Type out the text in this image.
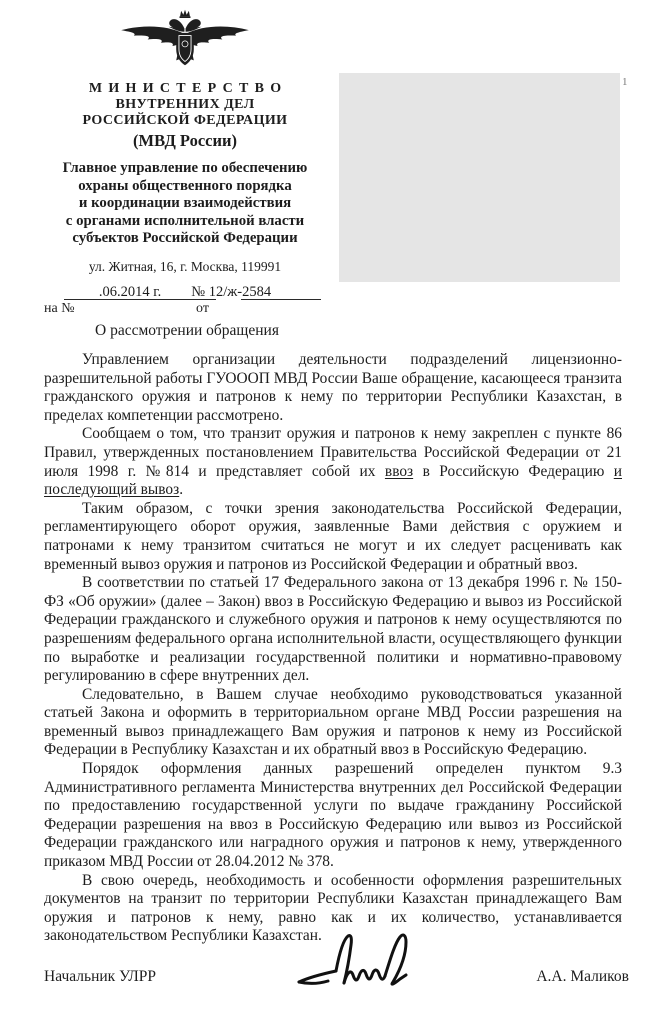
МИНИСТЕРСТВО
ВНУТРЕННИХ ДЕЛ
РОССИЙСКОЙ ФЕДЕРАЦИИ
(МВД России)
Главное управление по обеспечению
охраны общественного порядка
и координации взаимодействия
с органами исполнительной власти
субъектов Российской Федерации
ул. Житная, 16, г. Москва, 119991
.06.2014 г. № 12/ж-2584
на №	от
О рассмотрении обращения
1

Управлением организации деятельности подразделений лицензионно-разрешительной работы ГУОООП МВД России Ваше обращение, касающееся транзита гражданского оружия и патронов к нему по территории Республики Казахстан, в пределах компетенции рассмотрено.

Сообщаем о том, что транзит оружия и патронов к нему закреплен с пункте 86 Правил, утвержденных постановлением Правительства Российской Федерации от 21 июля 1998 г. №814 и представляет собой их ввоз в Российскую Федерацию и последующий вывоз.

Таким образом, с точки зрения законодательства Российской Федерации, регламентирующего оборот оружия, заявленные Вами действия с оружием и патронами к нему транзитом считаться не могут и их следует расценивать как временный вывоз оружия и патронов из Российской Федерации и обратный ввоз.

В соответствии по статьей 17 Федерального закона от 13 декабря 1996 г. № 150-ФЗ «Об оружии» (далее – Закон) ввоз в Российскую Федерацию и вывоз из Российской Федерации гражданского и служебного оружия и патронов к нему осуществляются по разрешениям федерального органа исполнительной власти, осуществляющего функции по выработке и реализации государственной политики и нормативно-правовому регулированию в сфере внутренних дел.

Следовательно, в Вашем случае необходимо руководствоваться указанной статьей Закона и оформить в территориальном органе МВД России разрешения на временный вывоз принадлежащего Вам оружия и патронов к нему из Российской Федерации в Республику Казахстан и их обратный ввоз в Российскую Федерацию.

Порядок оформления данных разрешений определен пунктом 9.3 Административного регламента Министерства внутренних дел Российской Федерации по предоставлению государственной услуги по выдаче гражданину Российской Федерации разрешения на ввоз в Российскую Федерацию или вывоз из Российской Федерации гражданского или наградного оружия и патронов к нему, утвержденного приказом МВД России от 28.04.2012 № 378.

В свою очередь, необходимость и особенности оформления разрешительных документов на транзит по территории Республики Казахстан принадлежащего Вам оружия и патронов к нему, равно как и их количество, устанавливается законодательством Республики Казахстан.

Начальник УЛРР	А.А. Маликов
